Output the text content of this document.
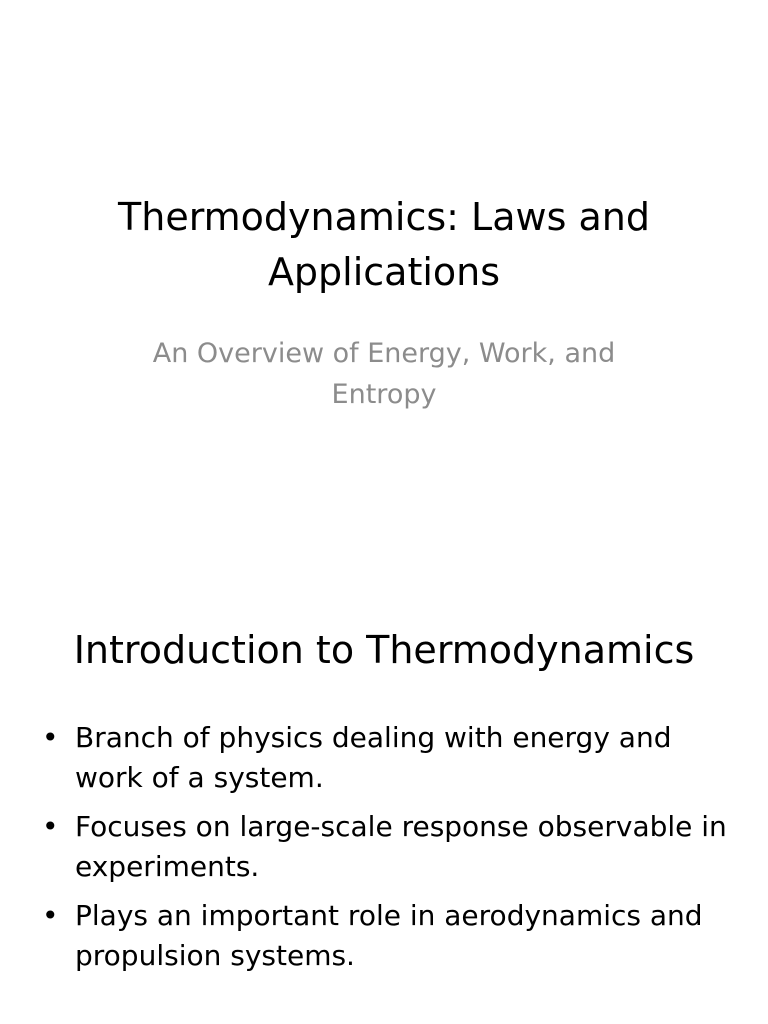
Thermodynamics: Laws and Applications

An Overview of Energy, Work, and Entropy

Introduction to Thermodynamics
• Branch of physics dealing with energy and work of a system.
• Focuses on large-scale response observable in experiments.
• Plays an important role in aerodynamics and propulsion systems.
